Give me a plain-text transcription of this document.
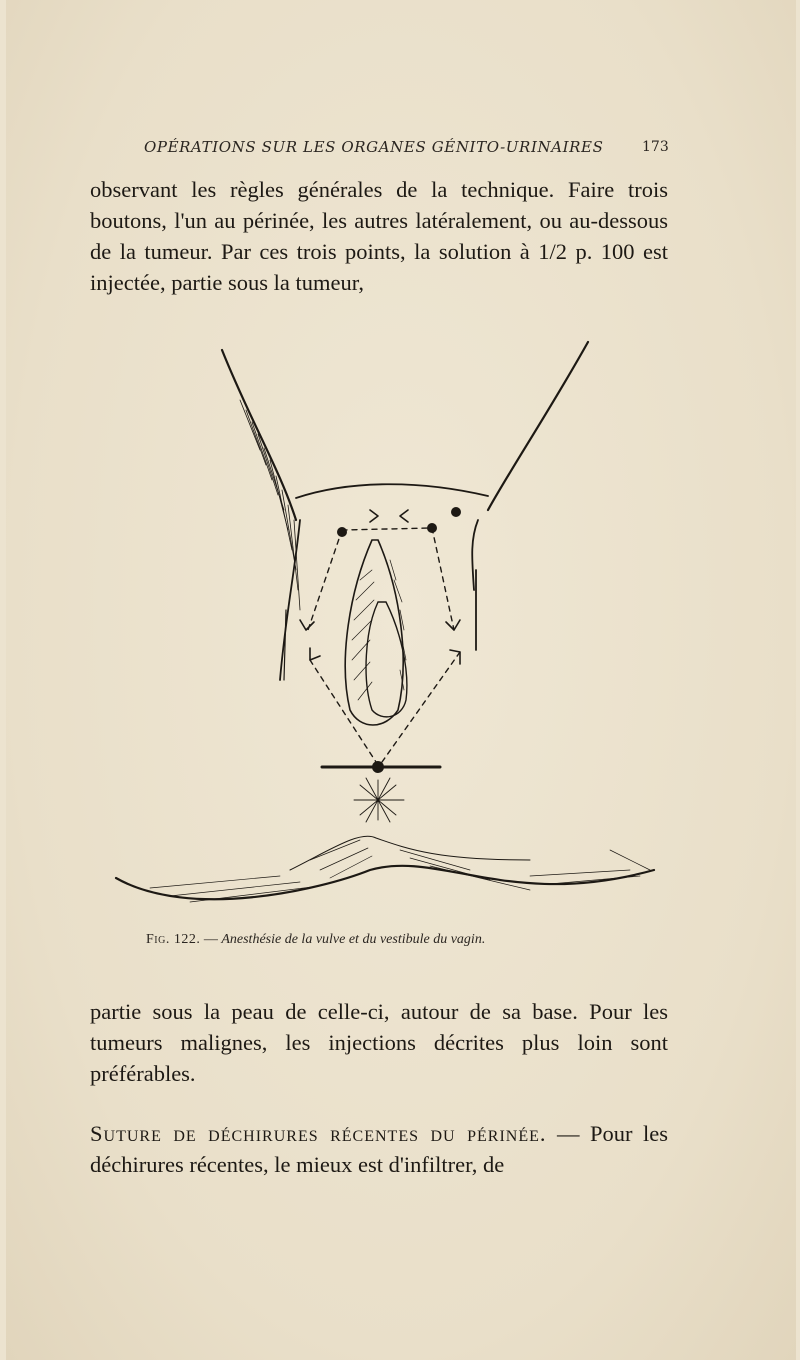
OPÉRATIONS SUR LES ORGANES GÉNITO-URINAIRES	173

observant les règles générales de la technique. Faire trois boutons, l'un au périnée, les autres latéralement, ou au-dessous de la tumeur. Par ces trois points, la solution à 1/2 p. 100 est injectée, partie sous la tumeur,

Fig. 122. — Anesthésie de la vulve et du vestibule du vagin.

partie sous la peau de celle-ci, autour de sa base. Pour les tumeurs malignes, les injections décrites plus loin sont préférables.

Suture de déchirures récentes du périnée. — Pour les déchirures récentes, le mieux est d'infiltrer, de
